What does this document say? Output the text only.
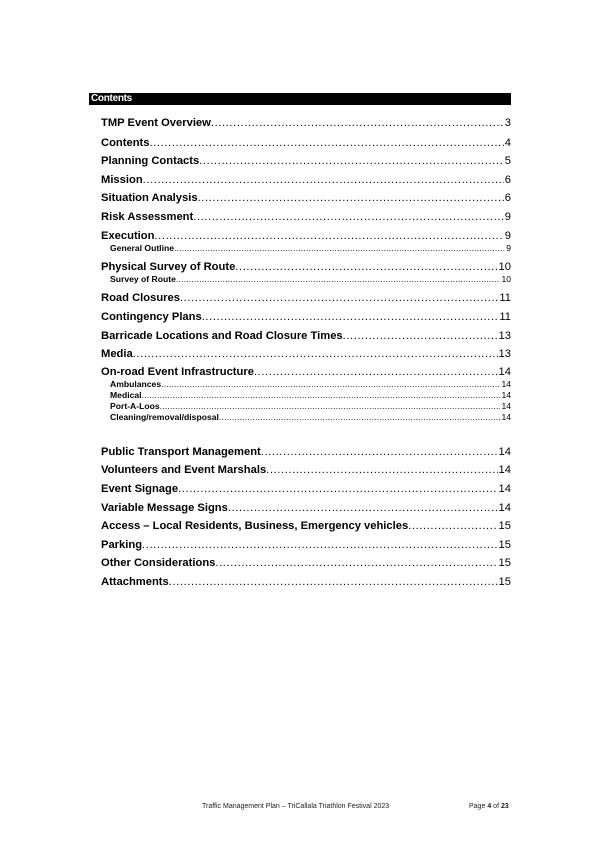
Contents
TMP Event Overview .....	3
Contents .....	4
Planning Contacts .....	5
Mission .....	6
Situation Analysis .....	6
Risk Assessment .....	9
Execution .....	9
General Outline .....	9
Physical Survey of Route .....	10
Survey of Route .....	10
Road Closures .....	11
Contingency Plans .....	11
Barricade Locations and Road Closure Times .....	13
Media .....	13
On-road Event Infrastructure .....	14
Ambulances .....	14
Medical .....	14
Port-A-Loos .....	14
Cleaning/removal/disposal .....	14
Public Transport Management .....	14
Volunteers and Event Marshals .....	14
Event Signage .....	14
Variable Message Signs .....	14
Access – Local Residents, Business, Emergency vehicles .....	15
Parking .....	15
Other Considerations .....	15
Attachments .....	15
Traffic Management Plan – TriCallala Triathlon Festival 2023	Page 4 of 23
